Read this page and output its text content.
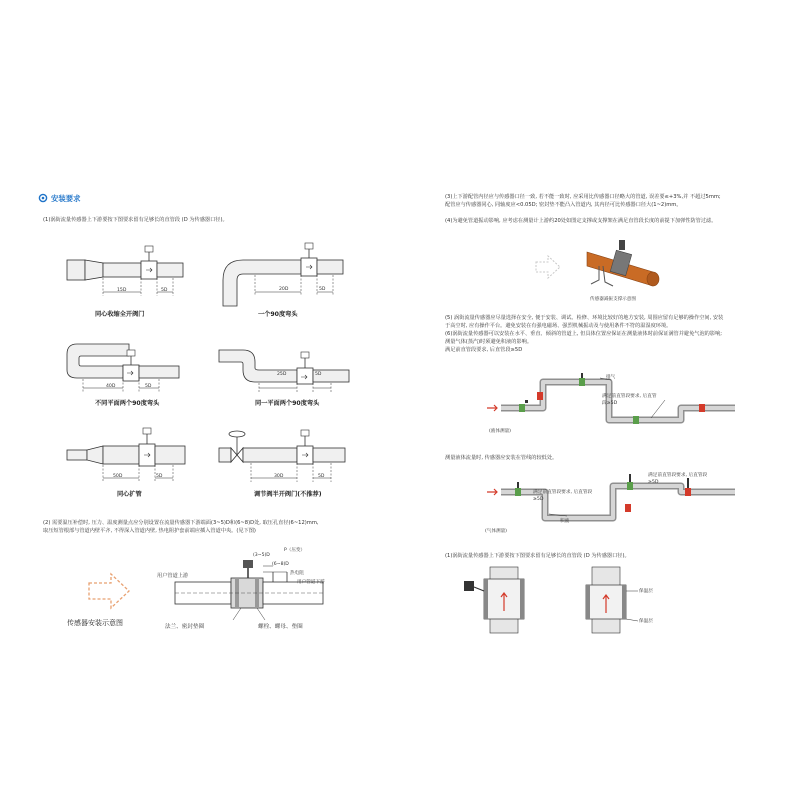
安装要求
(1)涡街流量传感器上下游要按下图要求留有足够长的直管段 (D 为传感器口径)。
15D	5D
同心收缩全开阀门
20D	5D
一个90度弯头
40D	5D
不同平面两个90度弯头
25D	5D
同一平面两个90度弯头
50D	5D
同心扩管
30D	5D
调节阀半开阀门(不推荐)
(2) 需要温压补偿时, 压力、温度测量点应分别设置在流量传感器下游端面(3~5)D和(6~8)D处, 取压孔直径(6~12)mm,
取压短管根部与管道内壁平齐, 不得深入管道内壁, 热电阻护套前端应插入管道中央。(见下图)
传感器安装示意图
用户管道上游
用户管道下游
(3~5)D
(6~8)D
P（压变）
热电阻
法兰、密封垫圈	螺栓、螺母、垫圈
(3)上下游配管内径应与传感器口径一致, 若不能一致时, 应采用比传感器口径略大的管道, 误差要≤+3%,并 不超过5mm;
配管应与传感器同心, 同轴度应<0.05D; 密封垫不能凸入管道内, 其内径可比传感器口径大(1~2)mm。
(4)为避免管道振动影响, 应考虑在测量计上游约20处如图定支撑或支撑架在满足直管段长度的前提下加弹性防管过滤。
传感器减振支撑示意图
(5) 涡街流量传感器应尽量选择在安全, 便于安装、调试、检修、环境比较好的地方安装, 周围应留有足够的操作空间, 安装
于高空时, 应有操作平台。避免安装在有强电磁场、强烈机械振动及与使用条件不符的温湿度环境。
(6)涡街流量传感器可以安装在水平、垂直、倾斜的管道上, 但具体位置应保证在测量液体时前保证满管并避免气泡的影响;
测量气体(蒸汽)时须避免积液的影响。
满足前直管段要求, 后直管段≥5D
排气
满足前直管段要求, 后直管
段≥5D
(液体测量)
测量液体流量时, 传感器应安装在管线的较低处。
满足前直管段要求, 后直管段
≥5D
满足前直管段要求, 后直管段
≥5D
积液
(气体测量)
(1)涡街流量传感器上下游要按下图要求留有足够长的直管段 (D 为传感器口径)。
保温层
保温层
